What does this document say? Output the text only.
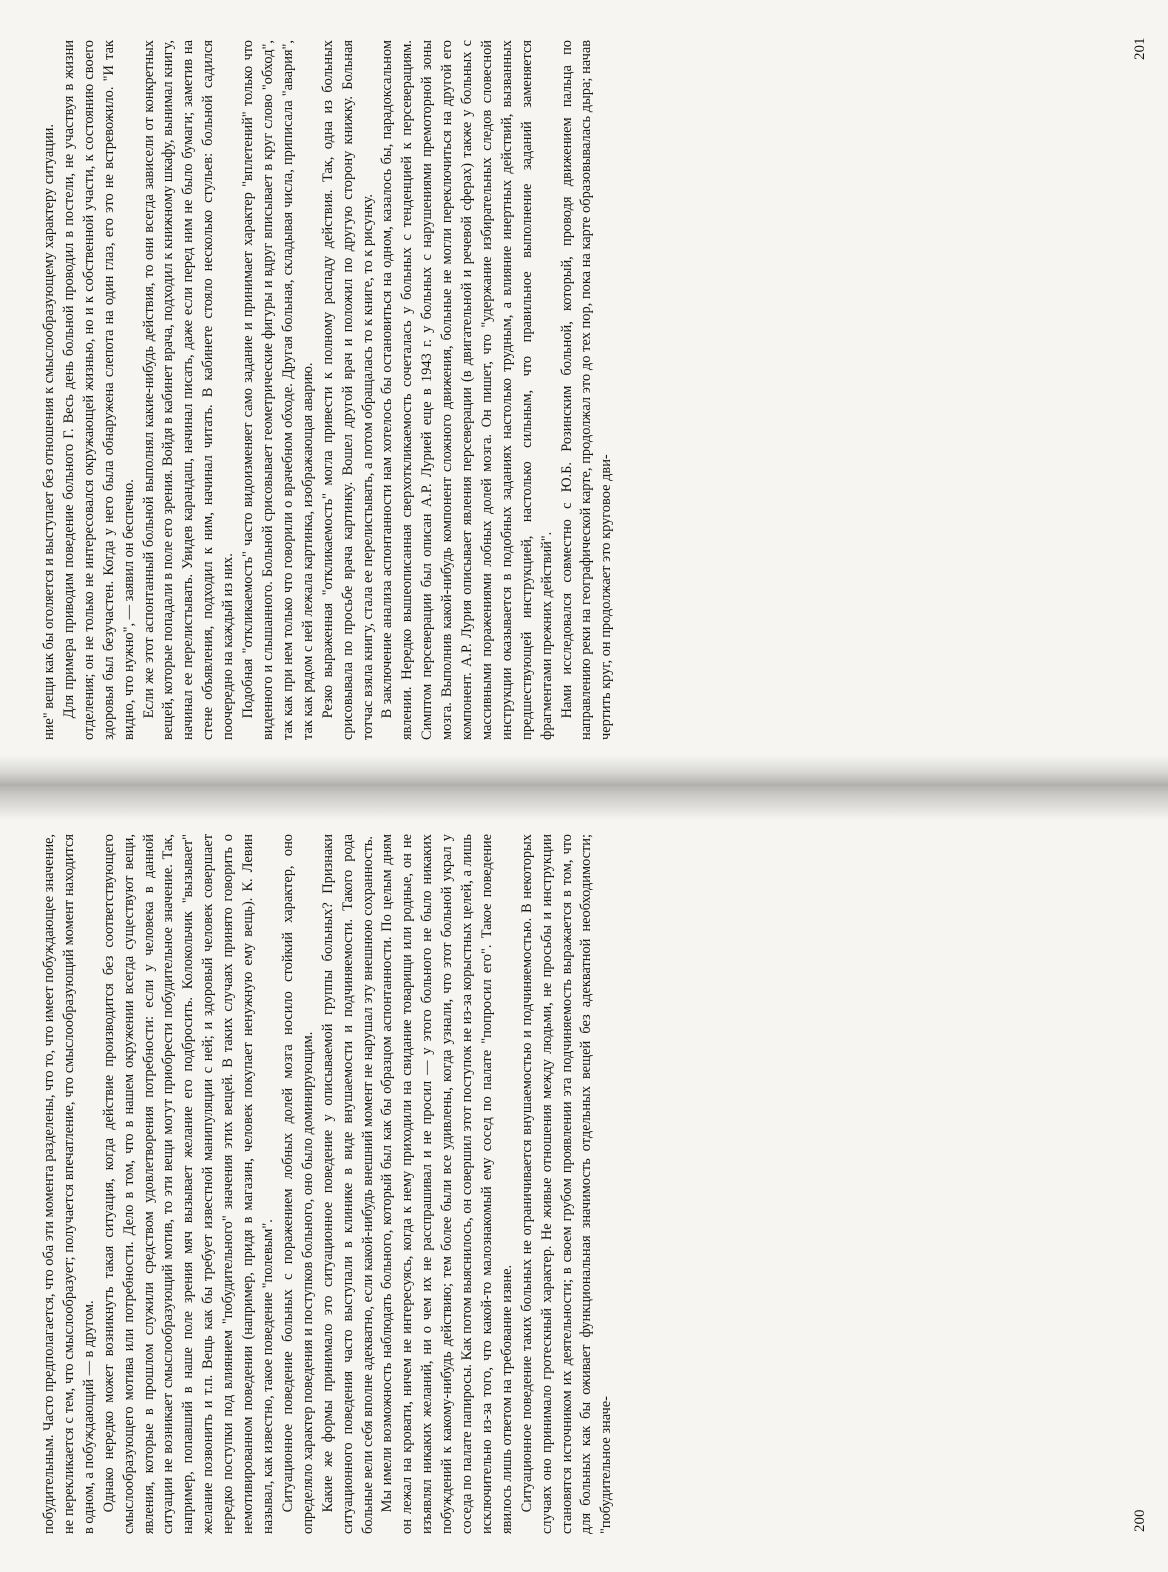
побудительным. Часто предполагается, что оба эти момента разделены, что то, что имеет побуждающее значение, не перекликается с тем, что смыслообразует; получается впечатление, что смыслообразующий момент находится в одном, а побуждающий — в другом. Однако нередко может возникнуть такая ситуация, когда действие производится без соответствующего смыслообразующего мотива или потребности. Дело в том, что в нашем окружении всегда существуют вещи, явления, которые в прошлом служили средством удовлетворения потребности: если у человека в данной ситуации не возникает смыслообразующий мотив, то эти вещи могут приобрести побудительное значение. Так, например, попавший в наше поле зрения мяч вызывает желание его подбросить. Колокольчик "вызывает" желание позвонить и т.п. Вещь как бы требует известной манипуляции с ней; и здоровый человек совершает нередко поступки под влиянием "побудительного" значения этих вещей. В таких случаях принято говорить о немотивированном поведении (например, придя в магазин, человек покупает ненужную ему вещь). К. Левин называл, как известно, такое поведение "полевым". Ситуационное поведение больных с поражением лобных долей мозга носило стойкий характер, оно определяло характер поведения и поступков больного, оно было доминирующим. Какие же формы принимало это ситуационное поведение у описываемой группы больных? Признаки ситуационного поведения часто выступали в клинике в виде внушаемости и подчиняемости. Такого рода больные вели себя вполне адекватно, если какой-нибудь внешний момент не нарушал эту внешнюю сохранность. Мы имели возможность наблюдать больного, который был как бы образцом аспонтанности. По целым дням он лежал на кровати, ничем не интересуясь, когда к нему приходили на свидание товарищи или родные, он не изъявлял никаких желаний, ни о чем их не расспрашивал и не просил — у этого больного не было никаких побуждений к какому-нибудь действию; тем более были все удивлены, когда узнали, что этот больной украл у соседа по палате папиросы. Как потом выяснилось, он совершил этот поступок не из-за корыстных целей, а лишь исключительно из-за того, что какой-то малознакомый ему сосед по палате "попросил его". Такое поведение явилось лишь ответом на требование извне. Ситуационное поведение таких больных не ограничивается внушаемостью и подчиняемостью. В некоторых случаях оно принимало гротескный характер. Не живые отношения между людьми, не просьбы и инструкции становятся источником их деятельности; в своем грубом проявлении эта подчиняемость выражается в том, что для больных как бы оживает функциональная значимость отдельных вещей без адекватной необходимости; "побудительное значе-	200

ние" вещи как бы оголяется и выступает без отношения к смыслообразующему характеру ситуации. Для примера приводим поведение больного Г. Весь день больной проводил в постели, не участвуя в жизни отделения; он не только не интересовался окружающей жизнью, но и к собственной участи, к состоянию своего здоровья был безучастен. Когда у него была обнаружена слепота на один глаз, его это не встревожило. "И так видно, что нужно", — заявил он беспечно. Если же этот аспонтанный больной выполнял какие-нибудь действия, то они всегда зависели от конкретных вещей, которые попадали в поле его зрения. Войдя в кабинет врача, подходил к книжному шкафу, вынимал книгу, начинал ее перелистывать. Увидев карандаш, начинал писать, даже если перед ним не было бумаги; заметив на стене объявления, подходил к ним, начинал читать. В кабинете стояло несколько стульев: больной садился поочередно на каждый из них. Подобная "откликаемость" часто видоизменяет само задание и принимает характер "вплетений" только что виденного и слышанного. Больной срисовывает геометрические фигуры и вдруг вписывает в круг слово "обход", так как при нем только что говорили о врачебном обходе. Другая больная, складывая числа, приписала "авария", так как рядом с ней лежала картинка, изображающая аварию. Резко выраженная "откликаемость" могла привести к полному распаду действия. Так, одна из больных срисовывала по просьбе врача картинку. Вошел другой врач и положил по другую сторону книжку. Больная тотчас взяла книгу, стала ее перелистывать, а потом обращалась то к книге, то к рисунку. В заключение анализа аспонтанности нам хотелось бы остановиться на одном, казалось бы, парадоксальном явлении. Нередко вышеописанная сверхоткликаемость сочеталась у больных с тенденцией к персеверациям. Симптом персеверации был описан А.Р. Лурией еще в 1943 г. у больных с нарушениями премоторной зоны мозга. Выполнив какой-нибудь компонент сложного движения, больные не могли переключиться на другой его компонент. А.Р. Лурия описывает явления персеверации (в двигательной и речевой сферах) также у больных с массивными поражениями лобных долей мозга. Он пишет, что "удержание избирательных следов словесной инструкции оказывается в подобных заданиях настолько трудным, а влияние инертных действий, вызванных предшествующей инструкцией, настолько сильным, что правильное выполнение заданий заменяется фрагментами прежних действий". Нами исследовался совместно с Ю.Б. Розинским больной, который, проводя движением пальца по направлению реки на географической карте, продолжал это до тех пор, пока на карте образовывалась дыра; начав чертить круг, он продолжает это круговое дви-

201
